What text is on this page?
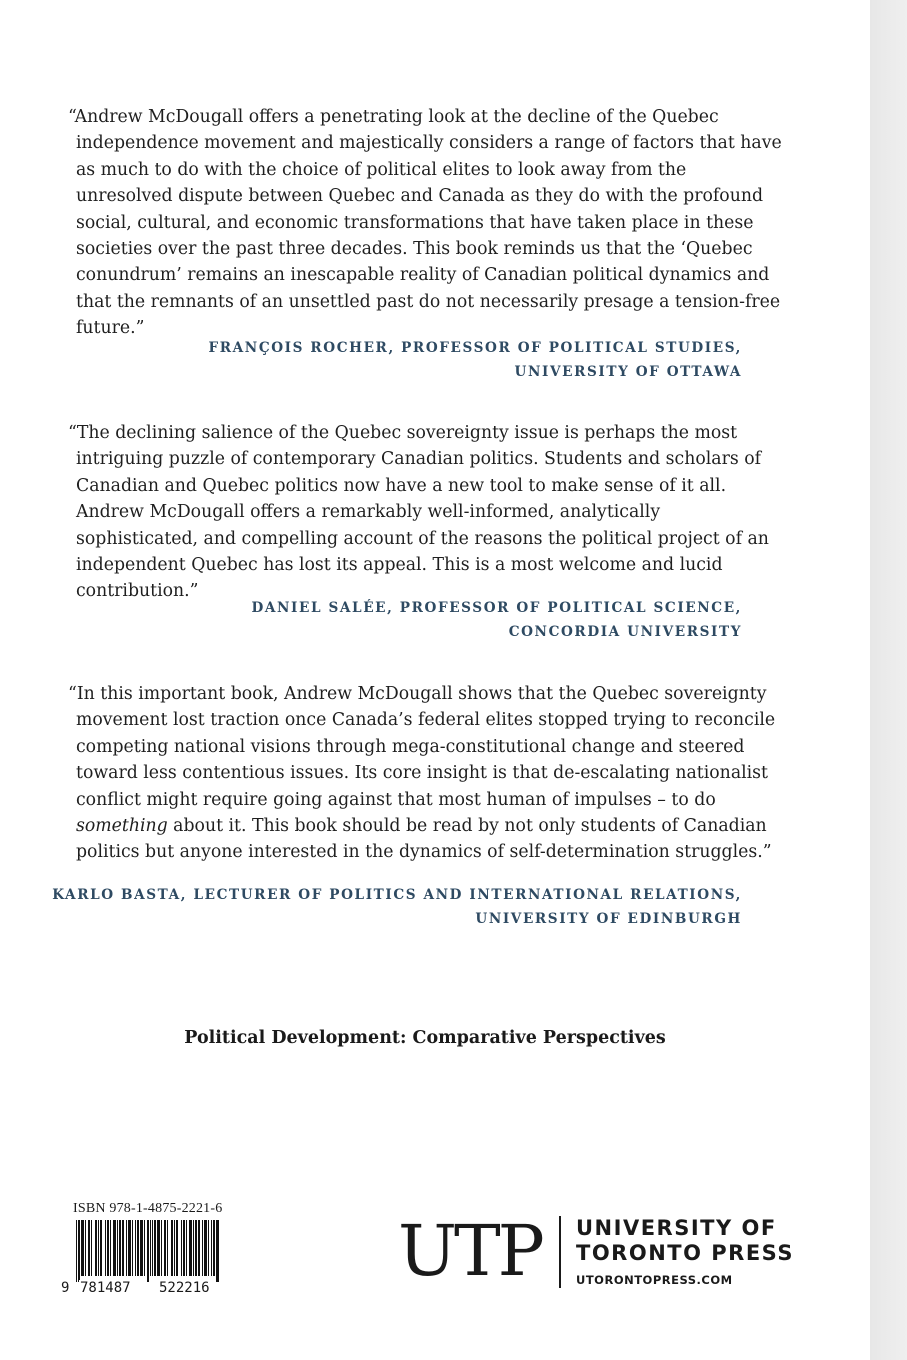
“Andrew McDougall offers a penetrating look at the decline of the Quebec independence movement and majestically considers a range of factors that have as much to do with the choice of political elites to look away from the unresolved dispute between Quebec and Canada as they do with the profound social, cultural, and economic transformations that have taken place in these societies over the past three decades. This book reminds us that the ‘Quebec conundrum’ remains an inescapable reality of Canadian political dynamics and that the remnants of an unsettled past do not necessarily presage a tension-free future.”

FRANÇOIS ROCHER, PROFESSOR OF POLITICAL STUDIES,
UNIVERSITY OF OTTAWA

“The declining salience of the Quebec sovereignty issue is perhaps the most intriguing puzzle of contemporary Canadian politics. Students and scholars of Canadian and Quebec politics now have a new tool to make sense of it all. Andrew McDougall offers a remarkably well-informed, analytically sophisticated, and compelling account of the reasons the political project of an independent Quebec has lost its appeal. This is a most welcome and lucid contribution.”

DANIEL SALÉE, PROFESSOR OF POLITICAL SCIENCE,
CONCORDIA UNIVERSITY

“In this important book, Andrew McDougall shows that the Quebec sovereignty movement lost traction once Canada’s federal elites stopped trying to reconcile competing national visions through mega-constitutional change and steered toward less contentious issues. Its core insight is that de-escalating nationalist conflict might require going against that most human of impulses – to do something about it. This book should be read by not only students of Canadian politics but anyone interested in the dynamics of self-determination struggles.”

KARLO BASTA, LECTURER OF POLITICS AND INTERNATIONAL RELATIONS,
UNIVERSITY OF EDINBURGH
Political Development: Comparative Perspectives
ISBN 978-1-4875-2221-6
9 781487 522216	UTP UNIVERSITY OF
TORONTO PRESS
UTORONTOPRESS.COM
